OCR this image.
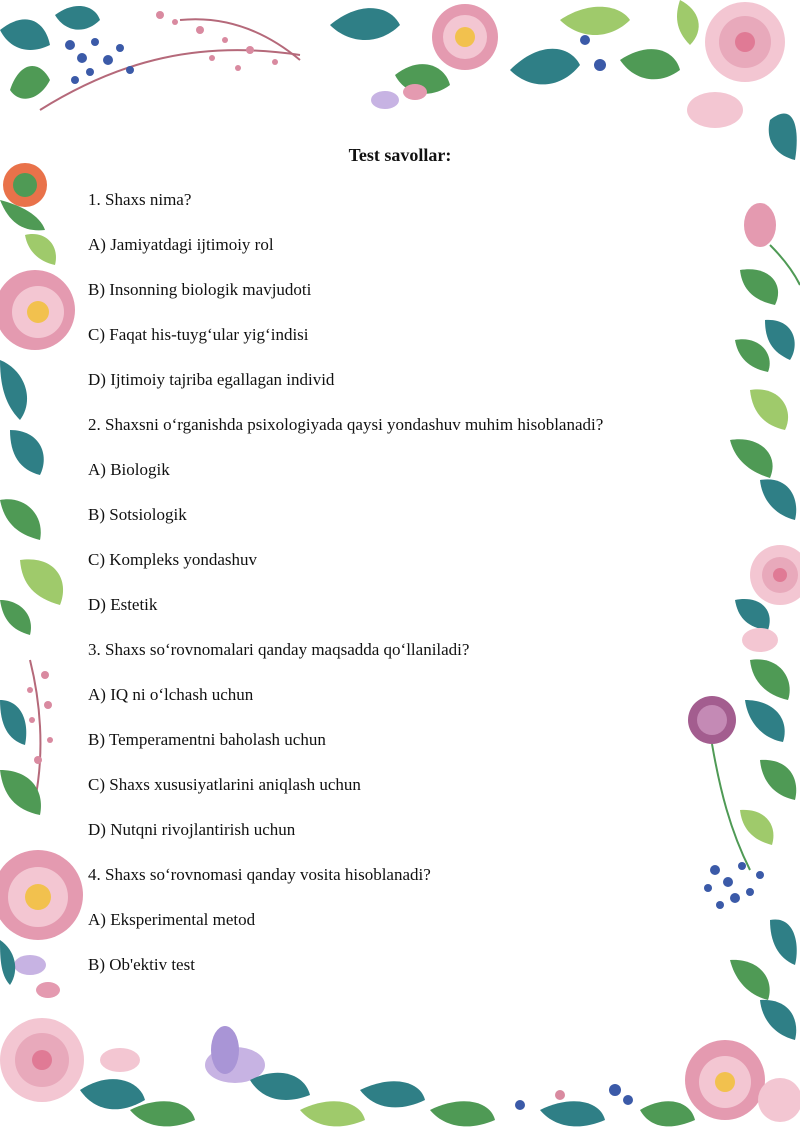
Test savollar:
1. Shaxs nima?
A) Jamiyatdagi ijtimoiy rol
B) Insonning biologik mavjudoti
C) Faqat his-tuyg‘ular yig‘indisi
D) Ijtimoiy tajriba egallagan individ
2. Shaxsni o‘rganishda psixologiyada qaysi yondashuv muhim hisoblanadi?
A) Biologik
B) Sotsiologik
C) Kompleks yondashuv
D) Estetik
3. Shaxs so‘rovnomalari qanday maqsadda qo‘llaniladi?
A) IQ ni o‘lchash uchun
B) Temperamentni baholash uchun
C) Shaxs xususiyatlarini aniqlash uchun
D) Nutqni rivojlantirish uchun
4. Shaxs so‘rovnomasi qanday vosita hisoblanadi?
A) Eksperimental metod
B) Ob'ektiv test
